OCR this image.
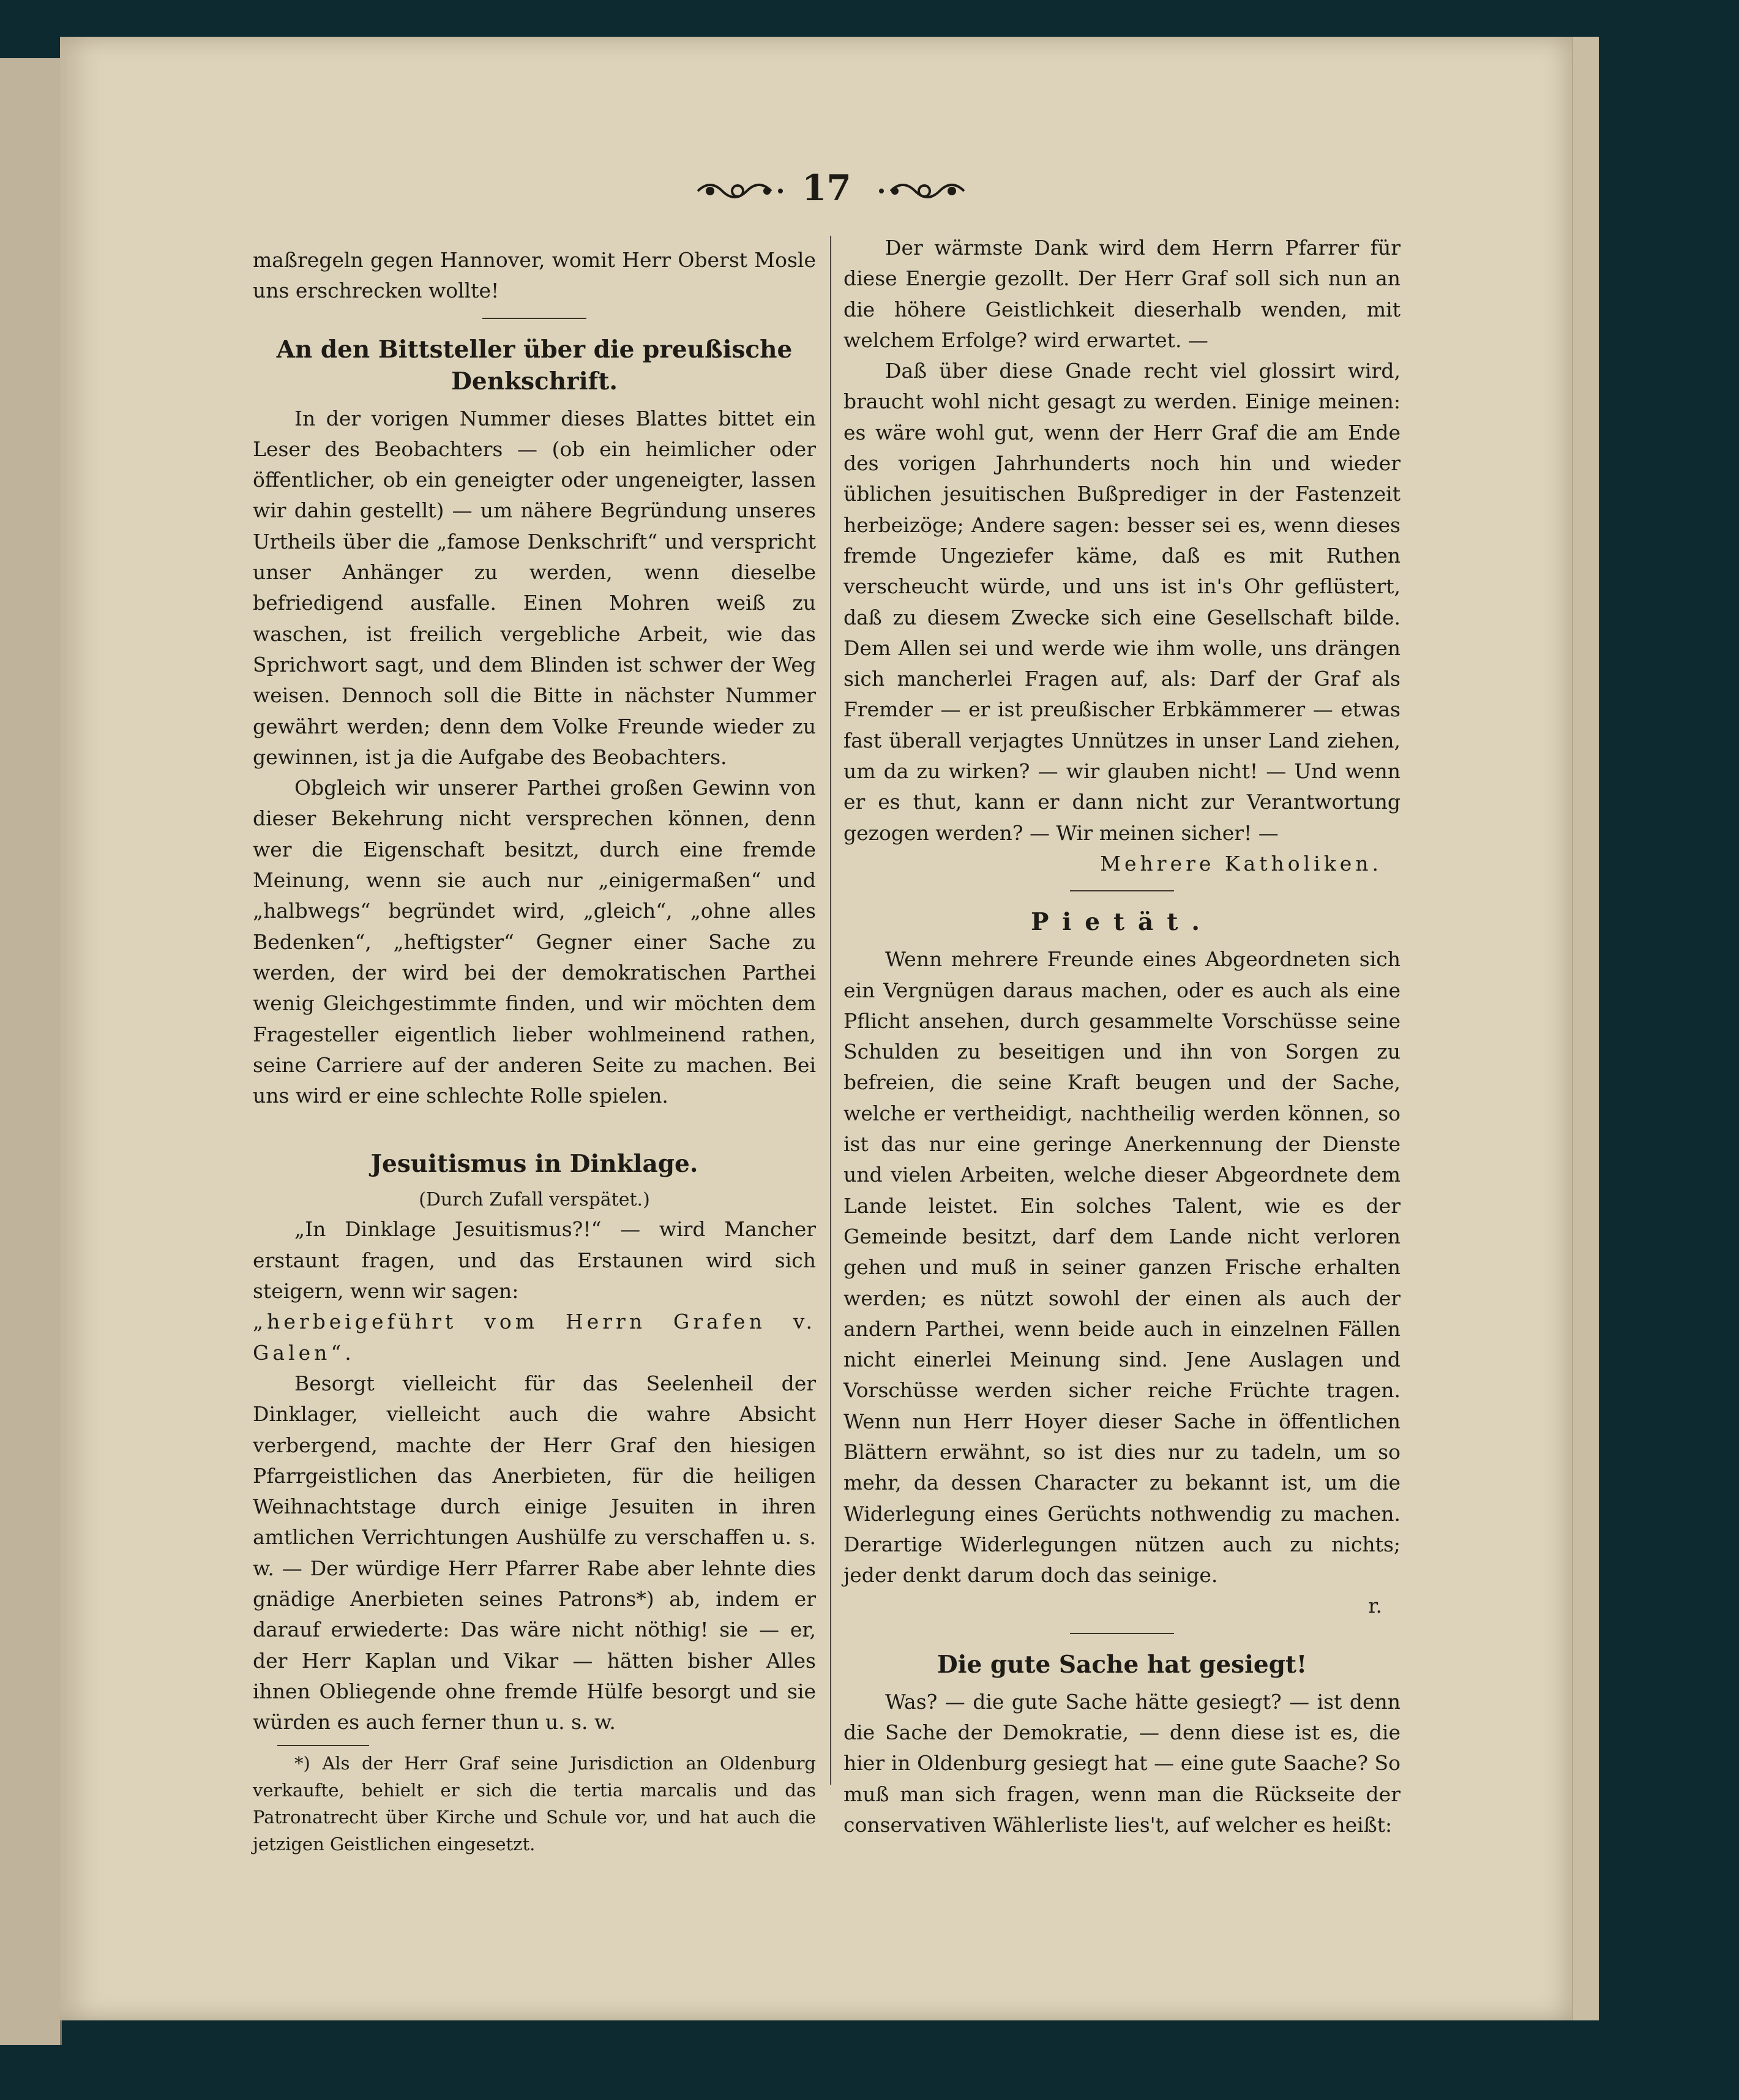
17

maßregeln gegen Hannover, womit Herr Oberst Mosle uns erschrecken wollte!

An den Bittsteller über die preußische Denkschrift.

In der vorigen Nummer dieses Blattes bittet ein Leser des Beobachters — (ob ein heimlicher oder öffentlicher, ob ein geneigter oder ungeneigter, lassen wir dahin gestellt) — um nähere Begründung unseres Urtheils über die „famose Denkschrift“ und verspricht unser Anhänger zu werden, wenn dieselbe befriedigend ausfalle. Einen Mohren weiß zu waschen, ist freilich vergebliche Arbeit, wie das Sprichwort sagt, und dem Blinden ist schwer der Weg weisen. Dennoch soll die Bitte in nächster Nummer gewährt werden; denn dem Volke Freunde wieder zu gewinnen, ist ja die Aufgabe des Beobachters.

Obgleich wir unserer Parthei großen Gewinn von dieser Bekehrung nicht versprechen können, denn wer die Eigenschaft besitzt, durch eine fremde Meinung, wenn sie auch nur „einigermaßen“ und „halbwegs“ begründet wird, „gleich“, „ohne alles Bedenken“, „heftigster“ Gegner einer Sache zu werden, der wird bei der demokratischen Parthei wenig Gleichgestimmte finden, und wir möchten dem Fragesteller eigentlich lieber wohlmeinend rathen, seine Carriere auf der anderen Seite zu machen. Bei uns wird er eine schlechte Rolle spielen.

Jesuitismus in Dinklage.
(Durch Zufall verspätet.)

„In Dinklage Jesuitismus?!“ — wird Mancher erstaunt fragen, und das Erstaunen wird sich steigern, wenn wir sagen:

„herbeigeführt vom Herrn Grafen v. Galen“.

Besorgt vielleicht für das Seelenheil der Dinklager, vielleicht auch die wahre Absicht verbergend, machte der Herr Graf den hiesigen Pfarrgeistlichen das Anerbieten, für die heiligen Weihnachtstage durch einige Jesuiten in ihren amtlichen Verrichtungen Aushülfe zu verschaffen u. s. w. — Der würdige Herr Pfarrer Rabe aber lehnte dies gnädige Anerbieten seines Patrons*) ab, indem er darauf erwiederte: Das wäre nicht nöthig! sie — er, der Herr Kaplan und Vikar — hätten bisher Alles ihnen Obliegende ohne fremde Hülfe besorgt und sie würden es auch ferner thun u. s. w.

*) Als der Herr Graf seine Jurisdiction an Oldenburg verkaufte, behielt er sich die tertia marcalis und das Patronatrecht über Kirche und Schule vor, und hat auch die jetzigen Geistlichen eingesetzt.

Der wärmste Dank wird dem Herrn Pfarrer für diese Energie gezollt. Der Herr Graf soll sich nun an die höhere Geistlichkeit dieserhalb wenden, mit welchem Erfolge? wird erwartet. —

Daß über diese Gnade recht viel glossirt wird, braucht wohl nicht gesagt zu werden. Einige meinen: es wäre wohl gut, wenn der Herr Graf die am Ende des vorigen Jahrhunderts noch hin und wieder üblichen jesuitischen Bußprediger in der Fastenzeit herbeizöge; Andere sagen: besser sei es, wenn dieses fremde Ungeziefer käme, daß es mit Ruthen verscheucht würde, und uns ist in's Ohr geflüstert, daß zu diesem Zwecke sich eine Gesellschaft bilde. Dem Allen sei und werde wie ihm wolle, uns drängen sich mancherlei Fragen auf, als: Darf der Graf als Fremder — er ist preußischer Erbkämmerer — etwas fast überall verjagtes Unnützes in unser Land ziehen, um da zu wirken? — wir glauben nicht! — Und wenn er es thut, kann er dann nicht zur Verantwortung gezogen werden? — Wir meinen sicher! —

Mehrere Katholiken.

Pietät.

Wenn mehrere Freunde eines Abgeordneten sich ein Vergnügen daraus machen, oder es auch als eine Pflicht ansehen, durch gesammelte Vorschüsse seine Schulden zu beseitigen und ihn von Sorgen zu befreien, die seine Kraft beugen und der Sache, welche er vertheidigt, nachtheilig werden können, so ist das nur eine geringe Anerkennung der Dienste und vielen Arbeiten, welche dieser Abgeordnete dem Lande leistet. Ein solches Talent, wie es der Gemeinde besitzt, darf dem Lande nicht verloren gehen und muß in seiner ganzen Frische erhalten werden; es nützt sowohl der einen als auch der andern Parthei, wenn beide auch in einzelnen Fällen nicht einerlei Meinung sind. Jene Auslagen und Vorschüsse werden sicher reiche Früchte tragen. Wenn nun Herr Hoyer dieser Sache in öffentlichen Blättern erwähnt, so ist dies nur zu tadeln, um so mehr, da dessen Character zu bekannt ist, um die Widerlegung eines Gerüchts nothwendig zu machen. Derartige Widerlegungen nützen auch zu nichts; jeder denkt darum doch das seinige.

r.

Die gute Sache hat gesiegt!

Was? — die gute Sache hätte gesiegt? — ist denn die Sache der Demokratie, — denn diese ist es, die hier in Oldenburg gesiegt hat — eine gute Saache? So muß man sich fragen, wenn man die Rückseite der conservativen Wählerliste lies't, auf welcher es heißt:
